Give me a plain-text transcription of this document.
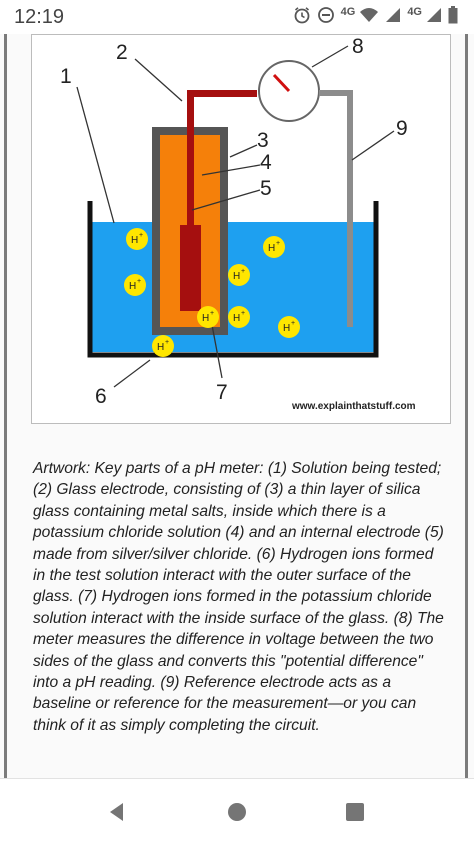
12:19	4G	4G
1
2
3
4
5
6	7
8
9
H +
H +
H +
H +
H + H +
H +
H +
www.explainthatstuff.com
Artwork: Key parts of a pH meter: (1) Solution being tested; (2) Glass electrode, consisting of (3) a thin layer of silica glass containing metal salts, inside which there is a potassium chloride solution (4) and an internal electrode (5) made from silver/silver chloride. (6) Hydrogen ions formed in the test solution interact with the outer surface of the glass. (7) Hydrogen ions formed in the potassium chloride solution interact with the inside surface of the glass. (8) The meter measures the difference in voltage between the two sides of the glass and converts this "potential difference" into a pH reading. (9) Reference electrode acts as a baseline or reference for the measurement—or you can think of it as simply completing the circuit.
